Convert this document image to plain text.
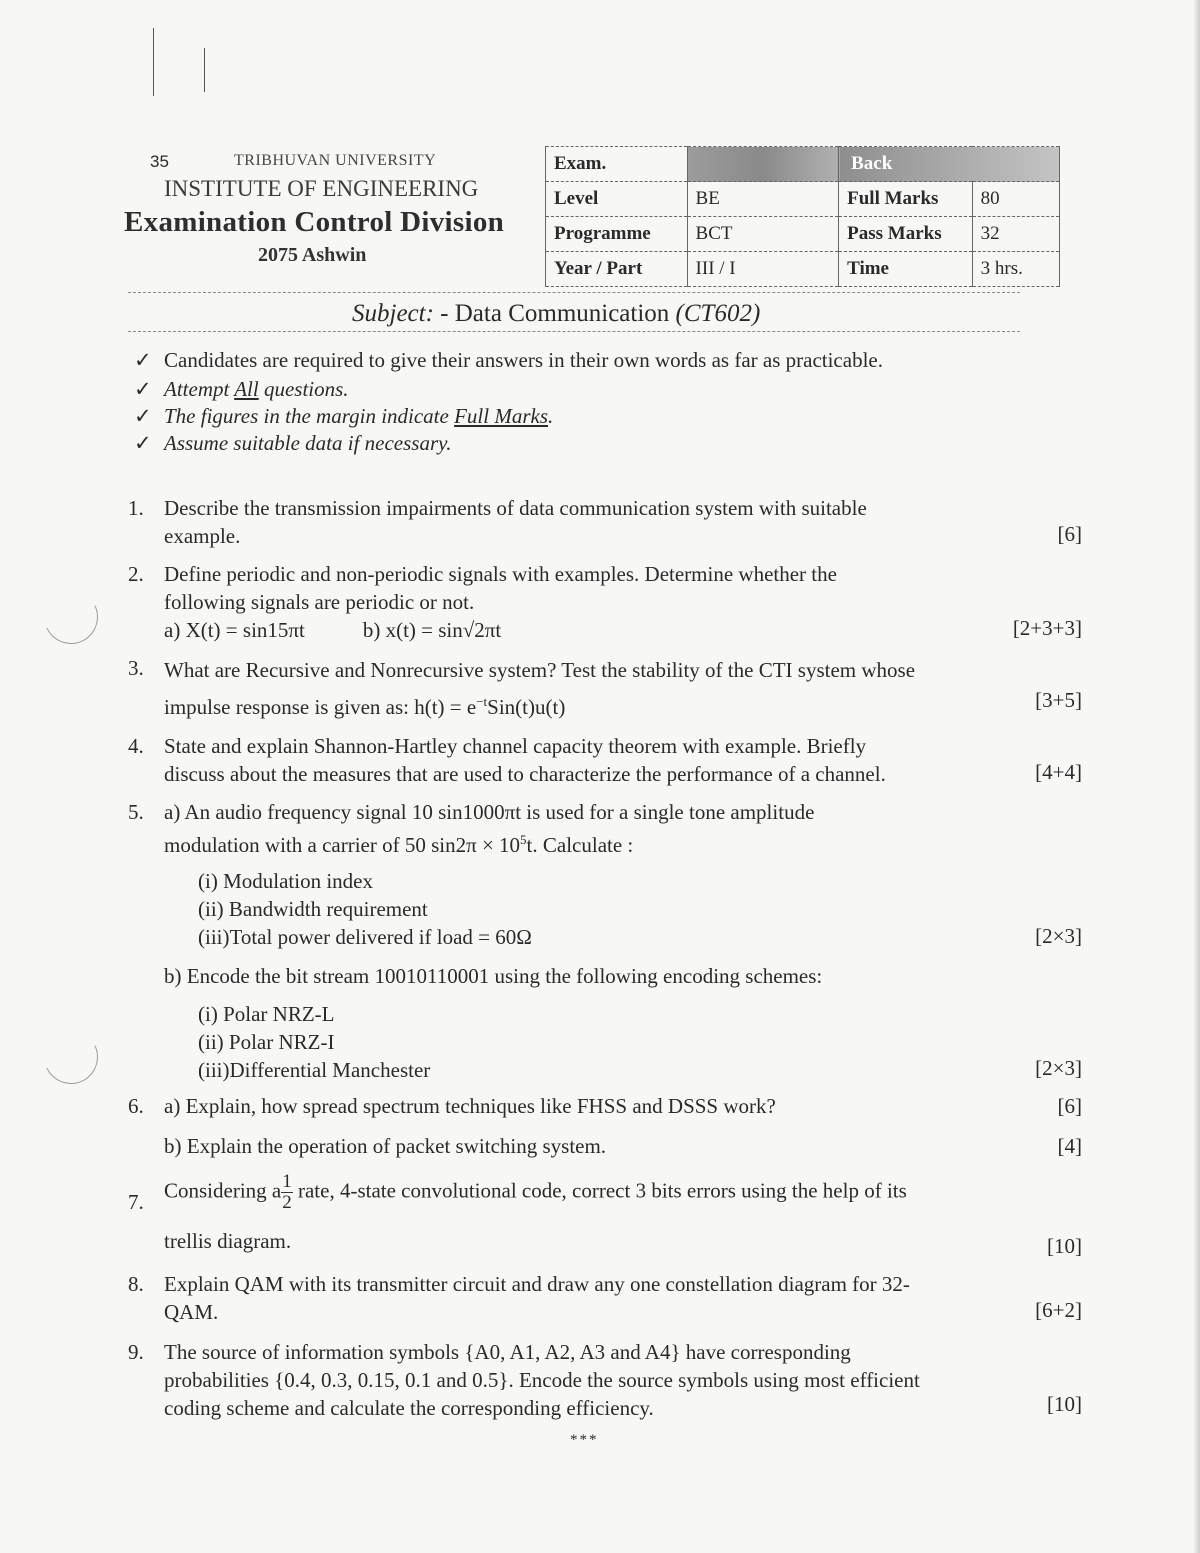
35	TRIBHUVAN UNIVERSITY
INSTITUTE OF ENGINEERING
Examination Control Division
2075 Ashwin
Exam.		Back	
Level	BE	Full Marks	80
Programme	BCT	Pass Marks	32
Year / Part	III / I	Time	3 hrs.
Subject: - Data Communication (CT602)
✓ Candidates are required to give their answers in their own words as far as practicable.
✓ Attempt All questions.
✓ The figures in the margin indicate Full Marks.
✓ Assume suitable data if necessary.
1. Describe the transmission impairments of data communication system with suitable
example.	[6]
2. Define periodic and non-periodic signals with examples. Determine whether the
following signals are periodic or not.
a) X(t) = sin15πt	b) x(t) = sin√2πt	[2+3+3]
3. What are Recursive and Nonrecursive system? Test the stability of the CTI system whose
impulse response is given as: $h(t) = e^{-t}Sin(t)u(t)$	[3+5]
4. State and explain Shannon-Hartley channel capacity theorem with example. Briefly
discuss about the measures that are used to characterize the performance of a channel.	[4+4]
5. a) An audio frequency signal 10 sin1000πt is used for a single tone amplitude
modulation with a carrier of 50 $\sin 2\pi \times 10^5t$. Calculate :
(i) Modulation index
(ii) Bandwidth requirement
(iii)Total power delivered if load = 60Ω	[2×3]
b) Encode the bit stream 10010110001 using the following encoding schemes:
(i) Polar NRZ-L
(ii) Polar NRZ-I
(iii)Differential Manchester	[2×3]
6. a) Explain, how spread spectrum techniques like FHSS and DSSS work?	[6]
b) Explain the operation of packet switching system.	[4]
7. Considering a $\frac{1}{2}$ rate, 4-state convolutional code, correct 3 bits errors using the help of its
trellis diagram.	[10]
8. Explain QAM with its transmitter circuit and draw any one constellation diagram for 32-
QAM.	[6+2]
9. The source of information symbols {A0, A1, A2, A3 and A4} have corresponding
probabilities {0.4, 0.3, 0.15, 0.1 and 0.5}. Encode the source symbols using most efficient
coding scheme and calculate the corresponding efficiency.	[10]
***
